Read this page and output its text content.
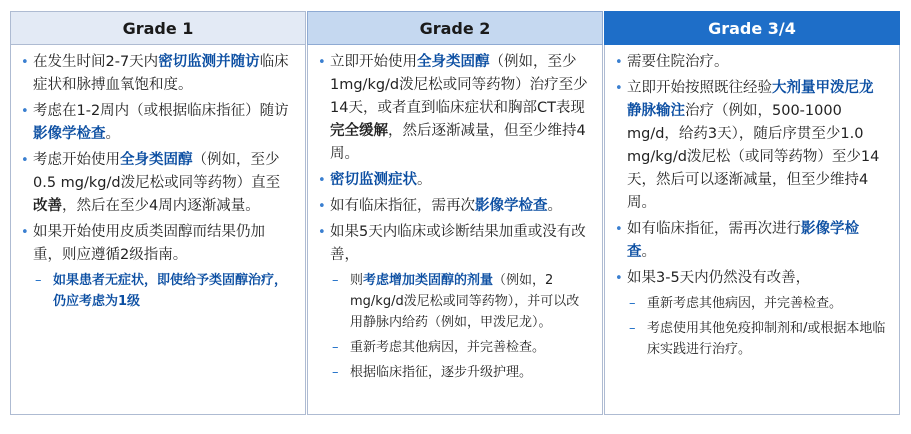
Grade 1	Grade 2	Grade 3/4
• 在发生时间2-7天内密切监测并随访临床症状和脉搏血氧饱和度。
• 考虑在1-2周内（或根据临床指征）随访影像学检查。
• 考虑开始使用全身类固醇（例如，至少0.5 mg/kg/d泼尼松或同等药物）直至改善，然后在至少4周内逐渐减量。
• 如果开始使用皮质类固醇而结果仍加重，则应遵循2级指南。
– 如果患者无症状，即使给予类固醇治疗，仍应考虑为1级
• 立即开始使用全身类固醇（例如，至少1mg/kg/d泼尼松或同等药物）治疗至少14天，或者直到临床症状和胸部CT表现完全缓解，然后逐渐减量，但至少维持4周。
• 密切监测症状。
• 如有临床指征，需再次影像学检查。
• 如果5天内临床或诊断结果加重或没有改善，
– 则考虑增加类固醇的剂量（例如，2 mg/kg/d泼尼松或同等药物），并可以改用静脉内给药（例如，甲泼尼龙）。
– 重新考虑其他病因，并完善检查。
– 根据临床指征，逐步升级护理。
• 需要住院治疗。
• 立即开始按照既往经验大剂量甲泼尼龙静脉输注治疗（例如，500-1000 mg/d，给药3天），随后序贯至少1.0 mg/kg/d泼尼松（或同等药物）至少14天，然后可以逐渐减量，但至少维持4周。
• 如有临床指征，需再次进行影像学检查。
• 如果3-5天内仍然没有改善，
– 重新考虑其他病因，并完善检查。
– 考虑使用其他免疫抑制剂和/或根据本地临床实践进行治疗。
